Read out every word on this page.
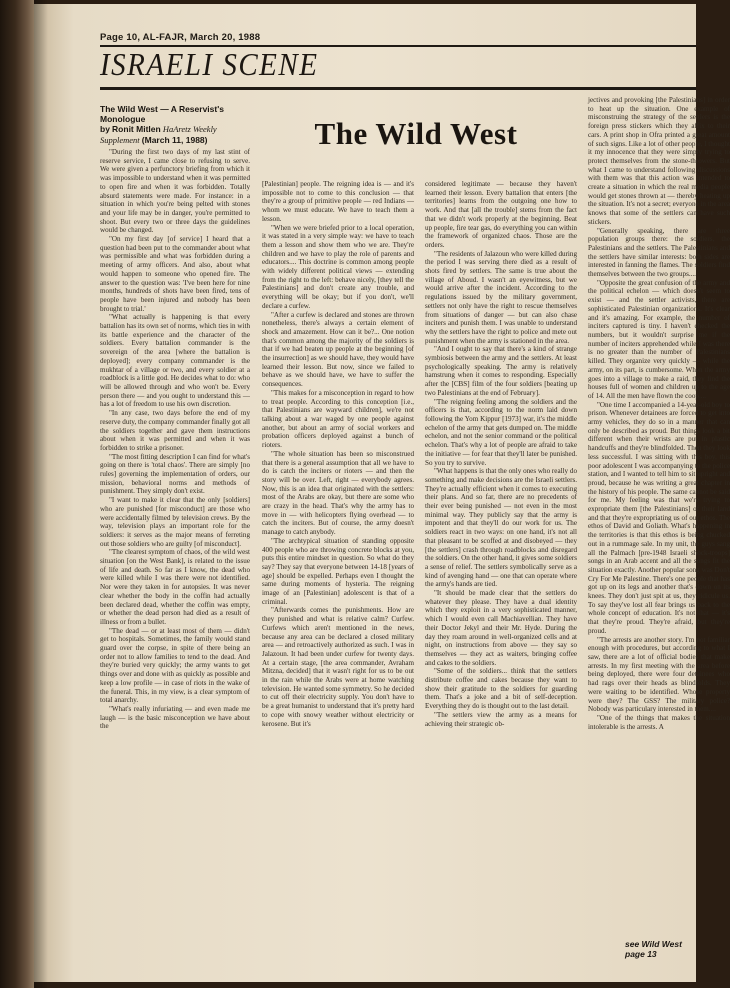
Page 10, AL-FAJR, March 20, 1988
ISRAELI SCENE
The Wild West — A Reservist's Monologue
by Ronit Mitlen HaAretz Weekly Supplement (March 11, 1988)	The Wild West

"During the first two days of my last stint of reserve service, I came close to refusing to serve. We were given a perfunctory briefing from which it was impossible to understand when it was permitted to open fire and when it was forbidden. Totally absurd statements were made. For instance: in a situation in which you're being pelted with stones and your life may be in danger, you're permitted to shoot. But every two or three days the guidelines would be changed.

"On my first day [of service] I heard that a question had been put to the commander about what was permissible and what was forbidden during a meeting of army officers. And also, about what would happen to someone who opened fire. The answer to the question was: 'I've been here for nine months, hundreds of shots have been fired, tens of people have been injured and nobody has been brought to trial.'

"What actually is happening is that every battalion has its own set of norms, which ties in with its battle experience and the character of the soldiers. Every battalion commander is the sovereign of the area [where the battalion is deployed]; every company commander is the mukhtar of a village or two, and every soldier at a roadblock is a little god. He decides what to do: who will be allowed through and who won't be. Every person there — and you ought to understand this — has a lot of freedom to use his own discretion.

"In any case, two days before the end of my reserve duty, the company commander finally got all the soldiers together and gave them instructions about when it was permitted and when it was forbidden to strike a prisoner.

"The most fitting description I can find for what's going on there is 'total chaos'. There are simply [no rules] governing the implementation of orders, our mission, behavioral norms and methods of punishment. They simply don't exist.

"I want to make it clear that the only [soldiers] who are punished [for misconduct] are those who were accidentally filmed by television crews. By the way, television plays an important role for the soldiers: it serves as the major means of ferreting out those soldiers who are guilty [of misconduct].

"The clearest symptom of chaos, of the wild west situation [on the West Bank], is related to the issue of life and death. So far as I know, the dead who were killed while I was there were not identified. Nor were they taken in for autopsies. It was never clear whether the body in the coffin had actually been declared dead, whether the coffin was empty, or whether the dead person had died as a result of illness or from a bullet.

"The dead — or at least most of them — didn't get to hospitals. Sometimes, the family would stand guard over the corpse, in spite of there being an order not to allow families to tend to the dead. And they're buried very quickly; the army wants to get things over and done with as quickly as possible and keep a low profile — in case of riots in the wake of the funeral. This, in my view, is a clear symptom of total anarchy.

"What's really infuriating — and even made me laugh — is the basic misconception we have about the

[Palestinian] people. The reigning idea is — and it's impossible not to come to this conclusion — that they're a group of primitive people — red Indians — whom we must educate. We have to teach them a lesson.

"When we were briefed prior to a local operation, it was stated in a very simple way: we have to teach them a lesson and show them who we are. They're children and we have to play the role of parents and educators.... This doctrine is common among people with widely different political views — extending from the right to the left: behave nicely, [they tell the Palestinians] and don't create any trouble, and everything will be okay; but if you don't, we'll declare a curfew.

"After a curfew is declared and stones are thrown nonetheless, there's always a certain element of shock and amazement. How can it be?... One notion that's common among the majority of the soldiers is that if we had beaten up people at the beginning [of the insurrection] as we should have, they would have learned their lesson. But now, since we failed to behave as we should have, we have to suffer the consequences.

"This makes for a misconception in regard to how to treat people. According to this conception [i.e., that Palestinians are wayward children], we're not talking about a war waged by one people against another, but about an army of social workers and probation officers deployed against a bunch of rioters.

"The whole situation has been so misconstrued that there is a general assumption that all we have to do is catch the inciters or rioters — and then the story will be over. Left, right — everybody agrees. Now, this is an idea that originated with the settlers: most of the Arabs are okay, but there are some who are crazy in the head. That's why the army has to move in — with helicopters flying overhead — to catch the inciters. But of course, the army doesn't manage to catch anybody.

"The archtypical situation of standing opposite 400 people who are throwing concrete blocks at you, puts this entire mindset in question. So what do they say? They say that everyone between 14-18 [years of age] should be expelled. Perhaps even I thought the same during moments of hysteria. The reigning image of an [Palestinian] adolescent is that of a criminal.

"Afterwards comes the punishments. How are they punished and what is relative calm? Curfew. Curfews which aren't mentioned in the news, because any area can be declared a closed military area — and retroactively authorized as such. I was in Jalazoun. It had been under curfew for twenty days. At a certain stage, [the area commander, Avraham Mitzna, decided] that it wasn't right for us to be out in the rain while the Arabs were at home watching television. He wanted some symmetry. So he decided to cut off their electricity supply. You don't have to be a great humanist to understand that it's pretty hard to cope with snowy weather without electricity or kerosene. But it's

considered legitimate — because they haven't learned their lesson. Every battalion that enters [the territories] learns from the outgoing one how to work. And that [all the trouble] stems from the fact that we didn't work properly at the beginning. Beat up people, fire tear gas, do everything you can within the framework of organized chaos. Those are the orders.

"The residents of Jalazoun who were killed during the period I was serving there died as a result of shots fired by settlers. The same is true about the village of Aboud. I wasn't an eyewitness, but we would arrive after the incident. According to the regulations issued by the military government, settlers not only have the right to rescue themselves from situations of danger — but can also chase inciters and punish them. I was unable to understand why the settlers have the right to police and mete out punishment when the army is stationed in the area.

"And I ought to say that there's a kind of strange symbiosis between the army and the settlers. At least psychologically speaking. The army is relatively hamstrung when it comes to responding. Especially after the [CBS] film of the four soldiers [beating up two Palestinians at the end of February].

"The reigning feeling among the soldiers and the officers is that, according to the norm laid down following the Yom Kippur [1973] war, it's the middle echelon of the army that gets dumped on. The middle echelon, and not the senior command or the political echelon. That's why a lot of people are afraid to take the initiative — for fear that they'll later be punished. So you try to survive.

"What happens is that the only ones who really do something and make decisions are the Israeli settlers. They're actually efficient when it comes to executing their plans. And so far, there are no precedents of their ever being punished — not even in the most minimal way. They publicly say that the army is impotent and that they'll do our work for us. The soldiers react in two ways: on one hand, it's not all that pleasant to be scoffed at and disobeyed — they [the settlers] crash through roadblocks and disregard the soldiers. On the other hand, it gives some soldiers a sense of relief. The settlers symbolically serve as a kind of avenging hand — one that can operate where the army's hands are tied.

"It should be made clear that the settlers do whatever they please. They have a dual identity which they exploit in a very sophisticated manner, which I would even call Machiavellian. They have their Doctor Jekyl and their Mr. Hyde. During the day they roam around in well-organized cells and at night, on instructions from above — they say so themselves — they act as waiters, bringing coffee and cakes to the soldiers.

"Some of the soldiers... think that the settlers distribute coffee and cakes because they want to show their gratitude to the soldiers for guarding them. That's a joke and a bit of self-deception. Everything they do is thought out to the last detail.

"The settlers view the army as a means for achieving their strategic ob-

jectives and provoking [the Palestinians] in order to heat up the situation. One example of misconstruing the strategy of the settlers is the foreign press stickers which they affix to their cars. A print shop in Ofra printed a great amount of such signs. Like a lot of other people, I thought it my innocence that they were simply trying to protect themselves from the stone-throwers. But what I came to understand following discussions with them was that this action was intended to create a situation in which the real media people would get stones thrown at — thereby heating up the situation. It's not a secret; everyone in the area knows that some of the settlers can have such stickers.

"Generally speaking, there are three population groups there: the soldiers, the Palestinians and the settlers. The Palestinians and the settlers have similar interests: both sides are interested in fanning the flames. The soldiers find themselves between the two groups....

"Opposite the great confusion of the army and the political echelon — which doesn't seem to exist — and the settler activists, there are sophisticated Palestinian organizations. It's clear and it's amazing. For example, the number of inciters captured is tiny. I haven't checked the numbers, but it wouldn't surprise me if the number of inciters apprehended while I was there is no greater than the number of Palestinians killed. They organize very quickly — while the army, on its part, is cumbersome. When the army goes into a village to make a raid, they find the houses full of women and children up to the age of 14. All the men have flown the coop....

"One time I accompanied a 14-year-old boy to prison. Whenever detainees are forced to get into army vehicles, they do so in a manner that can only be described as proud. But things look a bit different when their wrists are put in plastic handcuffs and they're blindfolded. Then they look less successful. I was sitting with this boy, this poor adolescent I was accompanying to the police station, and I wanted to tell him to sit upright and proud, because he was writing a great chapter in the history of his people. The same cannot be said for me. My feeling was that we're trying to expropriate them [the Palestinians] of their land and that they're expropriating us of our ethos. The ethos of David and Goliath. What's happening in the territories is that this ethos is being chucked out in a rummage sale. In my unit, the guys sang all the Palmach [pre-1948 Israeli shock-troops] songs in an Arab accent and all the songs fit the situation exactly. Another popular song was Don't Cry For Me Palestine. There's one people that has got up on its legs and another that's down on its knees. They don't just spit at us, they ridicule us. To say they've lost all fear brings us back to the whole concept of education. It's not that — it's that they're proud. They're afraid, but they're proud.

"The arrests are another story. I'm not familiar enough with procedures, but according to what I saw, there are a lot of official bodies that make arrests. In my first meeting with the area before being deployed, there were four detainees who had rags over their heads as blindfolds. They were waiting to be identified. Whose property were they? The GSS? The military police? Nobody was particulary interested in them....

"One of the things that makes the situation intolerable is the arrests. A

see Wild West page 13
